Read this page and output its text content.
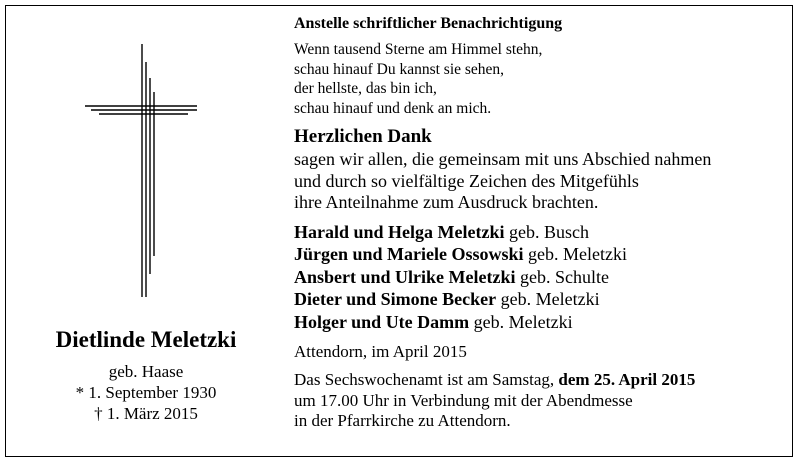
Dietlinde Meletzki
geb. Haase
* 1. September 1930
† 1. März 2015
Anstelle schriftlicher Benachrichtigung
Wenn tausend Sterne am Himmel stehn,
schau hinauf Du kannst sie sehen,
der hellste, das bin ich,
schau hinauf und denk an mich.
Herzlichen Dank
sagen wir allen, die gemeinsam mit uns Abschied nahmen
und durch so vielfältige Zeichen des Mitgefühls
ihre Anteilnahme zum Ausdruck brachten.
Harald und Helga Meletzki geb. Busch
Jürgen und Mariele Ossowski geb. Meletzki
Ansbert und Ulrike Meletzki geb. Schulte
Dieter und Simone Becker geb. Meletzki
Holger und Ute Damm geb. Meletzki
Attendorn, im April 2015
Das Sechswochenamt ist am Samstag, dem 25. April 2015
um 17.00 Uhr in Verbindung mit der Abendmesse
in der Pfarrkirche zu Attendorn.
